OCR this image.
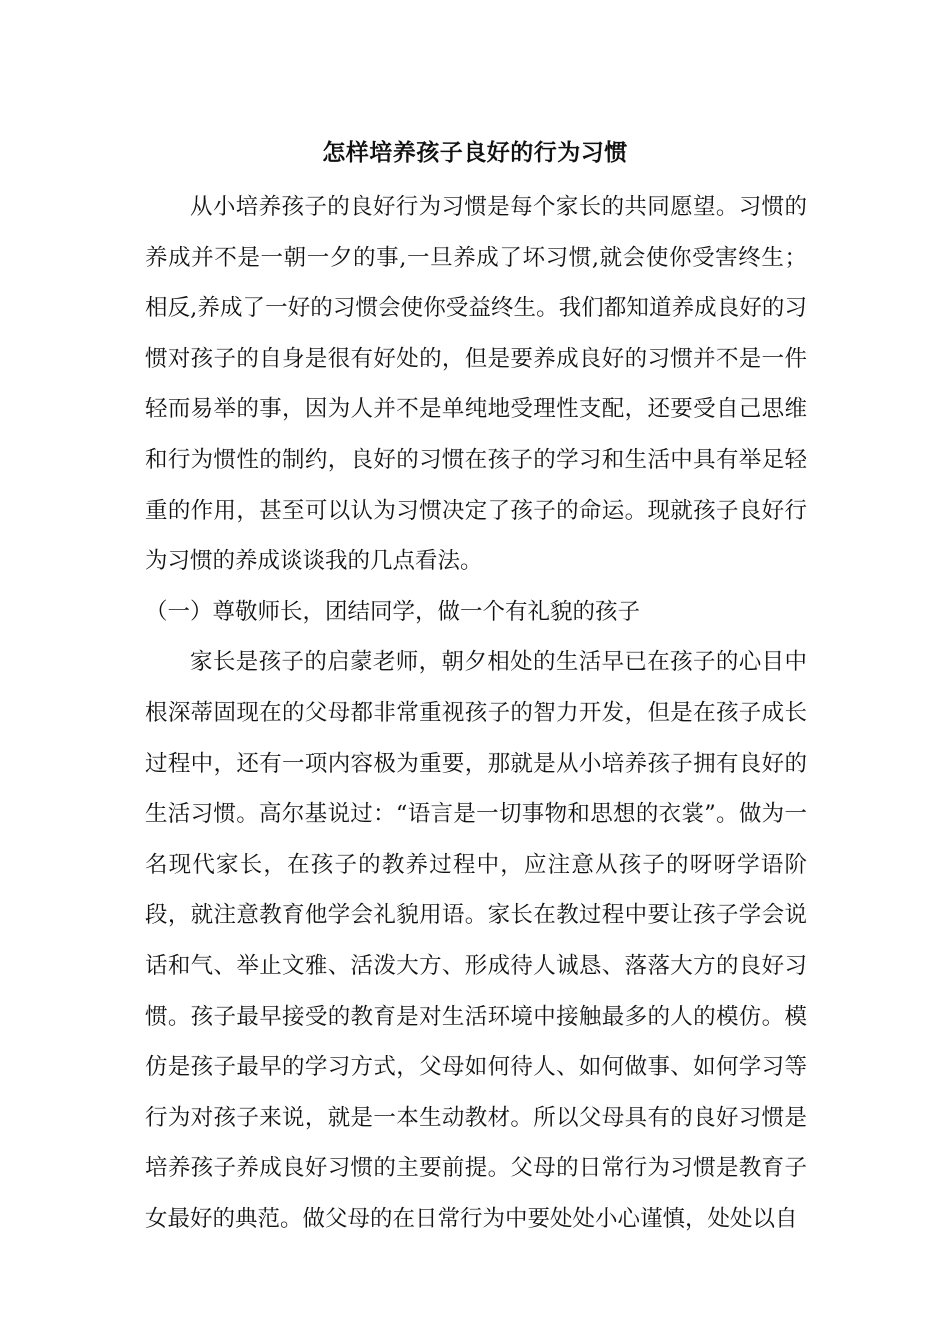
怎样培养孩子良好的行为习惯

从小培养孩子的良好行为习惯是每个家长的共同愿望。习惯的养成并不是一朝一夕的事,一旦养成了坏习惯,就会使你受害终生；相反,养成了一好的习惯会使你受益终生。我们都知道养成良好的习惯对孩子的自身是很有好处的，但是要养成良好的习惯并不是一件轻而易举的事，因为人并不是单纯地受理性支配，还要受自己思维和行为惯性的制约，良好的习惯在孩子的学习和生活中具有举足轻重的作用，甚至可以认为习惯决定了孩子的命运。现就孩子良好行为习惯的养成谈谈我的几点看法。

（一）尊敬师长，团结同学，做一个有礼貌的孩子

家长是孩子的启蒙老师，朝夕相处的生活早已在孩子的心目中根深蒂固现在的父母都非常重视孩子的智力开发，但是在孩子成长过程中，还有一项内容极为重要，那就是从小培养孩子拥有良好的生活习惯。高尔基说过：“语言是一切事物和思想的衣裳”。做为一名现代家长，在孩子的教养过程中，应注意从孩子的呀呀学语阶段，就注意教育他学会礼貌用语。家长在教过程中要让孩子学会说话和气、举止文雅、活泼大方、形成待人诚恳、落落大方的良好习惯。孩子最早接受的教育是对生活环境中接触最多的人的模仿。模仿是孩子最早的学习方式，父母如何待人、如何做事、如何学习等行为对孩子来说，就是一本生动教材。所以父母具有的良好习惯是培养孩子养成良好习惯的主要前提。父母的日常行为习惯是教育子女最好的典范。做父母的在日常行为中要处处小心谨慎，处处以自
